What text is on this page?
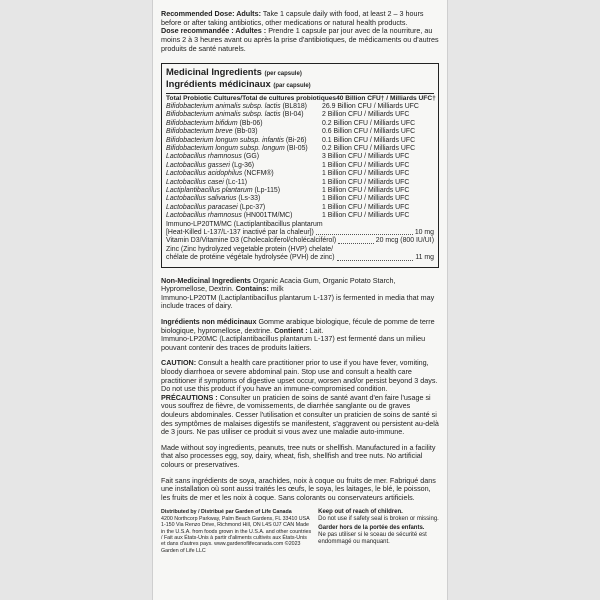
Recommended Dose: Adults: Take 1 capsule daily with food, at least 2 – 3 hours before or after taking antibiotics, other medications or natural health products.

Dose recommandée : Adultes : Prendre 1 capsule par jour avec de la nourriture, au moins 2 à 3 heures avant ou après la prise d'antibiotiques, de médicaments ou d'autres produits de santé naturels.

Medicinal Ingredients (per capsule)
Ingrédients médicinaux (par capsule)
Total Probiotic Cultures/Total de cultures probiotiques 40 Billion CFU† / Milliards UFC†
Bifidobacterium animalis subsp. lactis (BL818) 26.9 Billion CFU / Milliards UFC
Bifidobacterium animalis subsp. lactis (BI-04)	2 Billion CFU / Milliards UFC
Bifidobacterium bifidum (Bb-06)	0.2 Billion CFU / Milliards UFC
Bifidobacterium breve (Bb-03)	0.6 Billion CFU / Milliards UFC
Bifidobacterium longum subsp. infantis (Bi-26) 0.1 Billion CFU / Milliards UFC
Bifidobacterium longum subsp. longum (BI-05) 0.2 Billion CFU / Milliards UFC
Lactobacillus rhamnosus (GG)	3 Billion CFU / Milliards UFC
Lactobacillus gasseri (Lg-36)	1 Billion CFU / Milliards UFC
Lactobacillus acidophilus (NCFM®)	1 Billion CFU / Milliards UFC
Lactobacillus casei (Lc-11)	1 Billion CFU / Milliards UFC
Lactiplantibacillus plantarum (Lp-115)	1 Billion CFU / Milliards UFC
Lactobacillus salivarius (Ls-33)	1 Billion CFU / Milliards UFC
Lactobacillus paracasei (Lpc-37)	1 Billion CFU / Milliards UFC
Lactobacillus rhamnosus (HN001TM/MC)	1 Billion CFU / Milliards UFC
Immuno-LP20TM/MC (Lactiplantibacillus plantarum
[Heat-Killed L-137/L-137 inactivé par la chaleur])	10 mg
Vitamin D3/Vitamine D3 (Cholecalciferol/cholécalciférol)	20 mcg (800 IU/UI)
Zinc (Zinc hydrolyzed vegetable protein (HVP) chelate/
chélate de protéine végétale hydrolysée (PVH) de zinc)	11 mg

Non-Medicinal Ingredients Organic Acacia Gum, Organic Potato Starch, Hypromellose, Dextrin. Contains: milk
Immuno-LP20TM (Lactiplantibacillus plantarum L-137) is fermented in media that may include traces of dairy.

Ingrédients non médicinaux Gomme arabique biologique, fécule de pomme de terre biologique, hypromellose, dextrine. Contient : Lait.
Immuno-LP20MC (Lactiplantibacillus plantarum L-137) est fermenté dans un milieu pouvant contenir des traces de produits laitiers.

CAUTION: Consult a health care practitioner prior to use if you have fever, vomiting, bloody diarrhoea or severe abdominal pain. Stop use and consult a health care practitioner if symptoms of digestive upset occur, worsen and/or persist beyond 3 days. Do not use this product if you have an immune-compromised condition.

PRÉCAUTIONS : Consulter un praticien de soins de santé avant d'en faire l'usage si vous souffrez de fièvre, de vomissements, de diarrhée sanglante ou de graves douleurs abdominales. Cesser l'utilisation et consulter un praticien de soins de santé si des symptômes de malaises digestifs se manifestent, s'aggravent ou persistent au-delà de 3 jours. Ne pas utiliser ce produit si vous avez une maladie auto-immune.

Made without soy ingredients, peanuts, tree nuts or shellfish. Manufactured in a facility that also processes egg, soy, dairy, wheat, fish, shellfish and tree nuts. No artificial colours or preservatives.

Fait sans ingrédients de soya, arachides, noix à coque ou fruits de mer. Fabriqué dans une installation où sont aussi traités les œufs, le soya, les laitages, le blé, le poisson, les fruits de mer et les noix à coque. Sans colorants ou conservateurs artificiels.

Distributed by / Distribué par Garden of Life Canada
4200 Northcorp Parkway, Palm Beach Gardens, FL 33410 USA 1-150 Via Renzo Drive, Richmond Hill, ON L4S 0J7 CAN Made in the U.S.A. from foods grown in the U.S.A. and other countries / Fait aux États-Unis à partir d'aliments cultivés aux États-Unis et dans d'autres pays. www.gardenoflifecanada.com ©2023 Garden of Life LLC
Keep out of reach of children.
Do not use if safety seal is broken or missing.
Garder hors de la portée des enfants.
Ne pas utiliser si le sceau de sécurité est endommagé ou manquant.
